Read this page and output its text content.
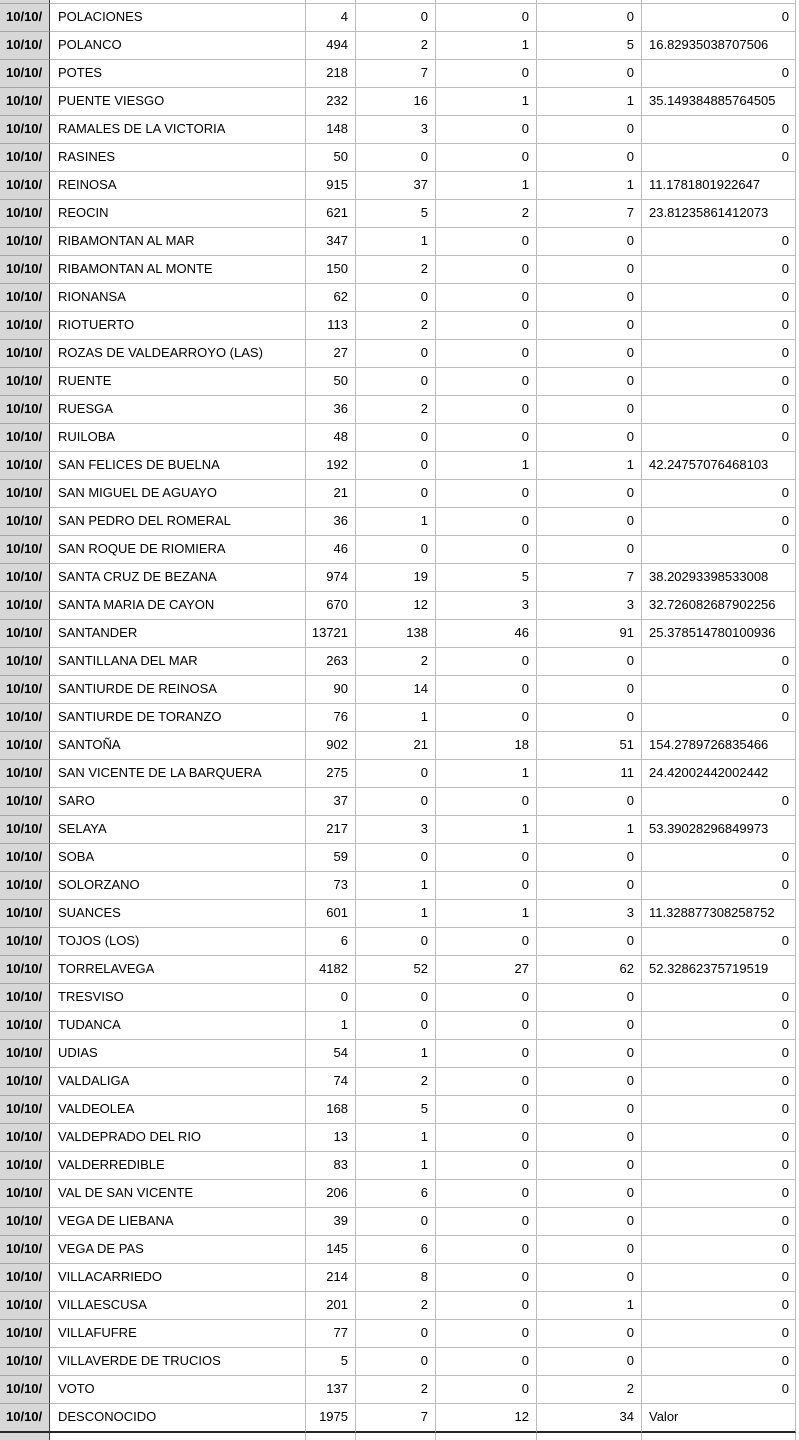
10/10/	POLACIONES	4	0	0	0	0
10/10/	POLANCO	494	2	1	5	16.82935038707506
10/10/	POTES	218	7	0	0	0
10/10/	PUENTE VIESGO	232	16	1	1	35.149384885764505
10/10/	RAMALES DE LA VICTORIA	148	3	0	0	0
10/10/	RASINES	50	0	0	0	0
10/10/	REINOSA	915	37	1	1	11.1781801922647
10/10/	REOCIN	621	5	2	7	23.81235861412073
10/10/	RIBAMONTAN AL MAR	347	1	0	0	0
10/10/	RIBAMONTAN AL MONTE	150	2	0	0	0
10/10/	RIONANSA	62	0	0	0	0
10/10/	RIOTUERTO	113	2	0	0	0
10/10/	ROZAS DE VALDEARROYO (LAS)	27	0	0	0	0
10/10/	RUENTE	50	0	0	0	0
10/10/	RUESGA	36	2	0	0	0
10/10/	RUILOBA	48	0	0	0	0
10/10/	SAN FELICES DE BUELNA	192	0	1	1	42.24757076468103
10/10/	SAN MIGUEL DE AGUAYO	21	0	0	0	0
10/10/	SAN PEDRO DEL ROMERAL	36	1	0	0	0
10/10/	SAN ROQUE DE RIOMIERA	46	0	0	0	0
10/10/	SANTA CRUZ DE BEZANA	974	19	5	7	38.20293398533008
10/10/	SANTA MARIA DE CAYON	670	12	3	3	32.726082687902256
10/10/	SANTANDER	13721	138	46	91	25.378514780100936
10/10/	SANTILLANA DEL MAR	263	2	0	0	0
10/10/	SANTIURDE DE REINOSA	90	14	0	0	0
10/10/	SANTIURDE DE TORANZO	76	1	0	0	0
10/10/	SANTOÑA	902	21	18	51	154.2789726835466
10/10/	SAN VICENTE DE LA BARQUERA	275	0	1	11	24.42002442002442
10/10/	SARO	37	0	0	0	0
10/10/	SELAYA	217	3	1	1	53.39028296849973
10/10/	SOBA	59	0	0	0	0
10/10/	SOLORZANO	73	1	0	0	0
10/10/	SUANCES	601	1	1	3	11.328877308258752
10/10/	TOJOS (LOS)	6	0	0	0	0
10/10/	TORRELAVEGA	4182	52	27	62	52.32862375719519
10/10/	TRESVISO	0	0	0	0	0
10/10/	TUDANCA	1	0	0	0	0
10/10/	UDIAS	54	1	0	0	0
10/10/	VALDALIGA	74	2	0	0	0
10/10/	VALDEOLEA	168	5	0	0	0
10/10/	VALDEPRADO DEL RIO	13	1	0	0	0
10/10/	VALDERREDIBLE	83	1	0	0	0
10/10/	VAL DE SAN VICENTE	206	6	0	0	0
10/10/	VEGA DE LIEBANA	39	0	0	0	0
10/10/	VEGA DE PAS	145	6	0	0	0
10/10/	VILLACARRIEDO	214	8	0	0	0
10/10/	VILLAESCUSA	201	2	0	1	0
10/10/	VILLAFUFRE	77	0	0	0	0
10/10/	VILLAVERDE DE TRUCIOS	5	0	0	0	0
10/10/	VOTO	137	2	0	2	0
10/10/	DESCONOCIDO	1975	7	12	34	Valor
